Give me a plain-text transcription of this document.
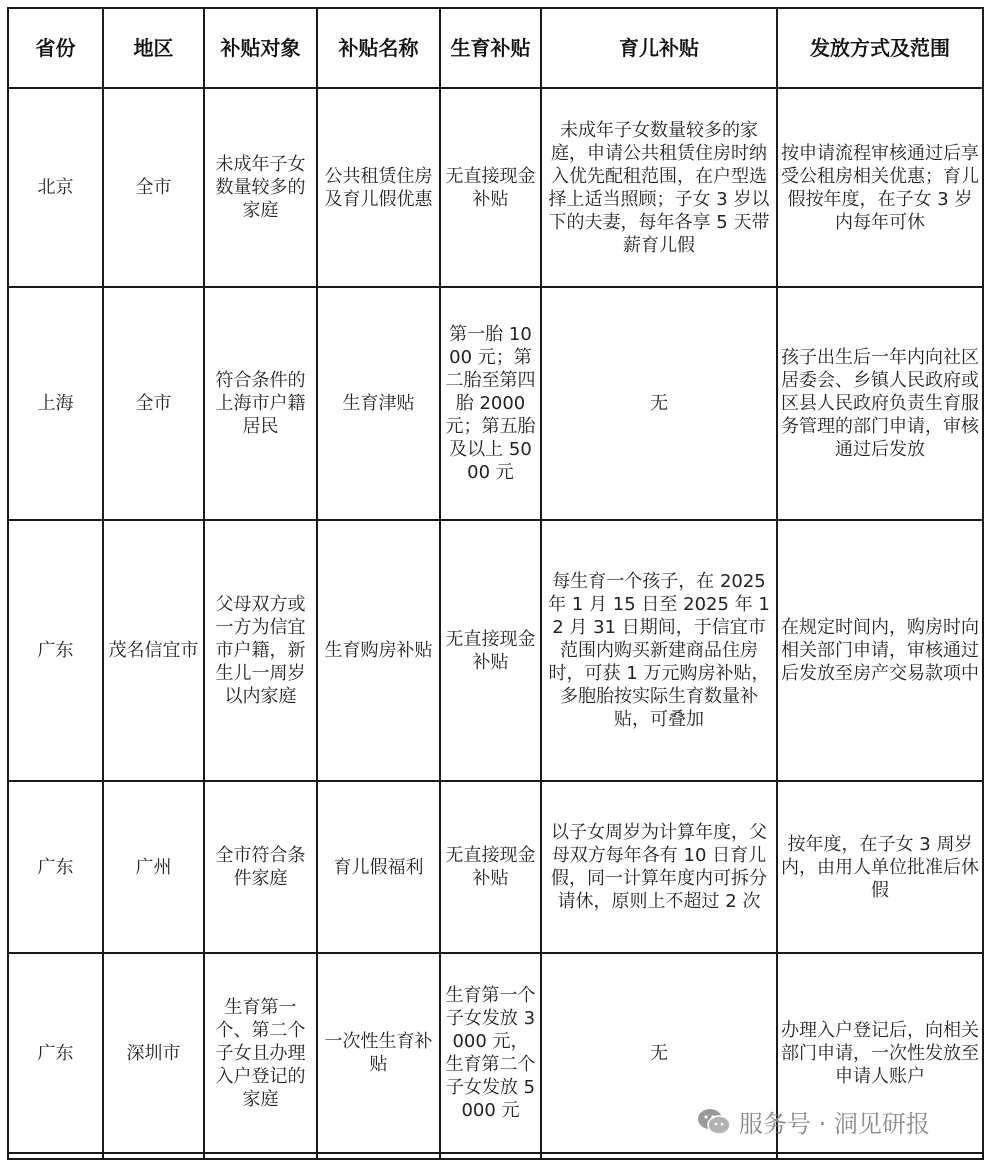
省份	地区	补贴对象	补贴名称	生育补贴	育儿补贴	发放方式及范围
北京	全市	未成年子女数量较多的家庭	公共租赁住房及育儿假优惠	无直接现金补贴	未成年子女数量较多的家庭，申请公共租赁住房时纳入优先配租范围，在户型选择上适当照顾；子女 3 岁以下的夫妻，每年各享 5 天带薪育儿假	按申请流程审核通过后享受公租房相关优惠；育儿假按年度，在子女 3 岁内每年可休
上海	全市	符合条件的上海市户籍居民	生育津贴	第一胎 1000 元；第二胎至第四胎 2000 元；第五胎及以上 5000 元	无	孩子出生后一年内向社区居委会、乡镇人民政府或区县人民政府负责生育服务管理的部门申请，审核通过后发放
广东	茂名信宜市	父母双方或一方为信宜市户籍，新生儿一周岁以内家庭	生育购房补贴	无直接现金补贴	每生育一个孩子，在 2025 年 1 月 15 日至 2025 年 12 月 31 日期间，于信宜市范围内购买新建商品住房时，可获 1 万元购房补贴，多胞胎按实际生育数量补贴，可叠加	在规定时间内，购房时向相关部门申请，审核通过后发放至房产交易款项中
广东	广州	全市符合条件家庭	育儿假福利	无直接现金补贴	以子女周岁为计算年度，父母双方每年各有 10 日育儿假，同一计算年度内可拆分请休，原则上不超过 2 次	按年度，在子女 3 周岁内，由用人单位批准后休假
广东	深圳市	生育第一个、第二个子女且办理入户登记的家庭	一次性生育补贴	生育第一个子女发放 3000 元，生育第二个子女发放 5000 元	无	办理入户登记后，向相关部门申请，一次性发放至申请人账户

服务号 · 洞见研报
